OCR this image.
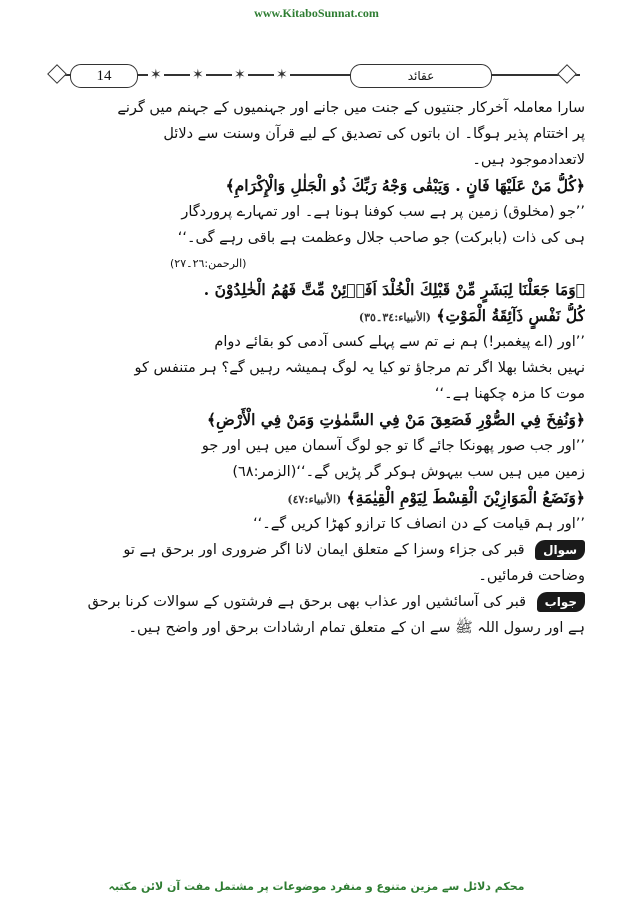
www.KitaboSunnat.com
14	✶ ✶ ✶ ✶	عقائد
سارا معاملہ آخرکار جنتیوں کے جنت میں جانے اور جہنمیوں کے جہنم میں گرنے
پر اختتام پذیر ہوگا۔ ان باتوں کی تصدیق کے لیے قرآن وسنت سے دلائل
لاتعدادموجود ہیں۔
﴿كُلُّ مَنْ عَلَيْهَا فَانٍ . وَيَبْقٰى وَجْهُ رَبِّكَ ذُو الْجَلٰلِ وَالْإِكْرَامِ﴾
’’جو (مخلوق) زمین پر ہے سب کوفنا ہونا ہے۔ اور تمہارے پروردگار
ہی کی ذات (بابرکت) جو صاحب جلال وعظمت ہے باقی رہے گی۔‘‘
(الرحمن:٢٦۔٢٧)
﴿وَمَا جَعَلْنَا لِبَشَرٍ مِّنْ قَبْلِكَ الْخُلْدَ اَفَاۡئِنْ مِّتَّ فَهُمُ الْخٰلِدُوْنَ .
كُلُّ نَفْسٍ ذَآئِقَةُ الْمَوْتِ﴾ (الأنبياء:٣٤۔٣٥)
’’اور (اے پیغمبر!) ہم نے تم سے پہلے کسی آدمی کو بقائے دوام
نہیں بخشا بھلا اگر تم مرجاؤ تو کیا یہ لوگ ہمیشہ رہیں گے؟ ہر متنفس کو
موت کا مزہ چکھنا ہے۔‘‘
﴿وَنُفِخَ فِي الصُّوْرِ فَصَعِقَ مَنْ فِي السَّمٰوٰتِ وَمَنْ فِي الْأَرْضِ﴾
’’اور جب صور پھونکا جائے گا تو جو لوگ آسمان میں ہیں اور جو
زمین میں ہیں سب بیہوش ہوکر گر پڑیں گے۔‘‘(الزمر:٦٨)
﴿وَنَضَعُ الْمَوَازِيْنَ الْقِسْطَ لِيَوْمِ الْقِيٰمَةِ﴾ (الأنبياء:٤٧)
’’اور ہم قیامت کے دن انصاف کا ترازو کھڑا کریں گے۔‘‘
سوال قبر کی جزاء وسزا کے متعلق ایمان لانا اگر ضروری اور برحق ہے تو
وضاحت فرمائیں۔
جواب قبر کی آسائشیں اور عذاب بھی برحق ہے فرشتوں کے سوالات کرنا برحق
ہے اور رسول اللہ ﷺ سے ان کے متعلق تمام ارشادات برحق اور واضح ہیں۔
محکم دلائل سے مزین متنوع و منفرد موضوعات پر مشتمل مفت آن لائن مکتبہ
